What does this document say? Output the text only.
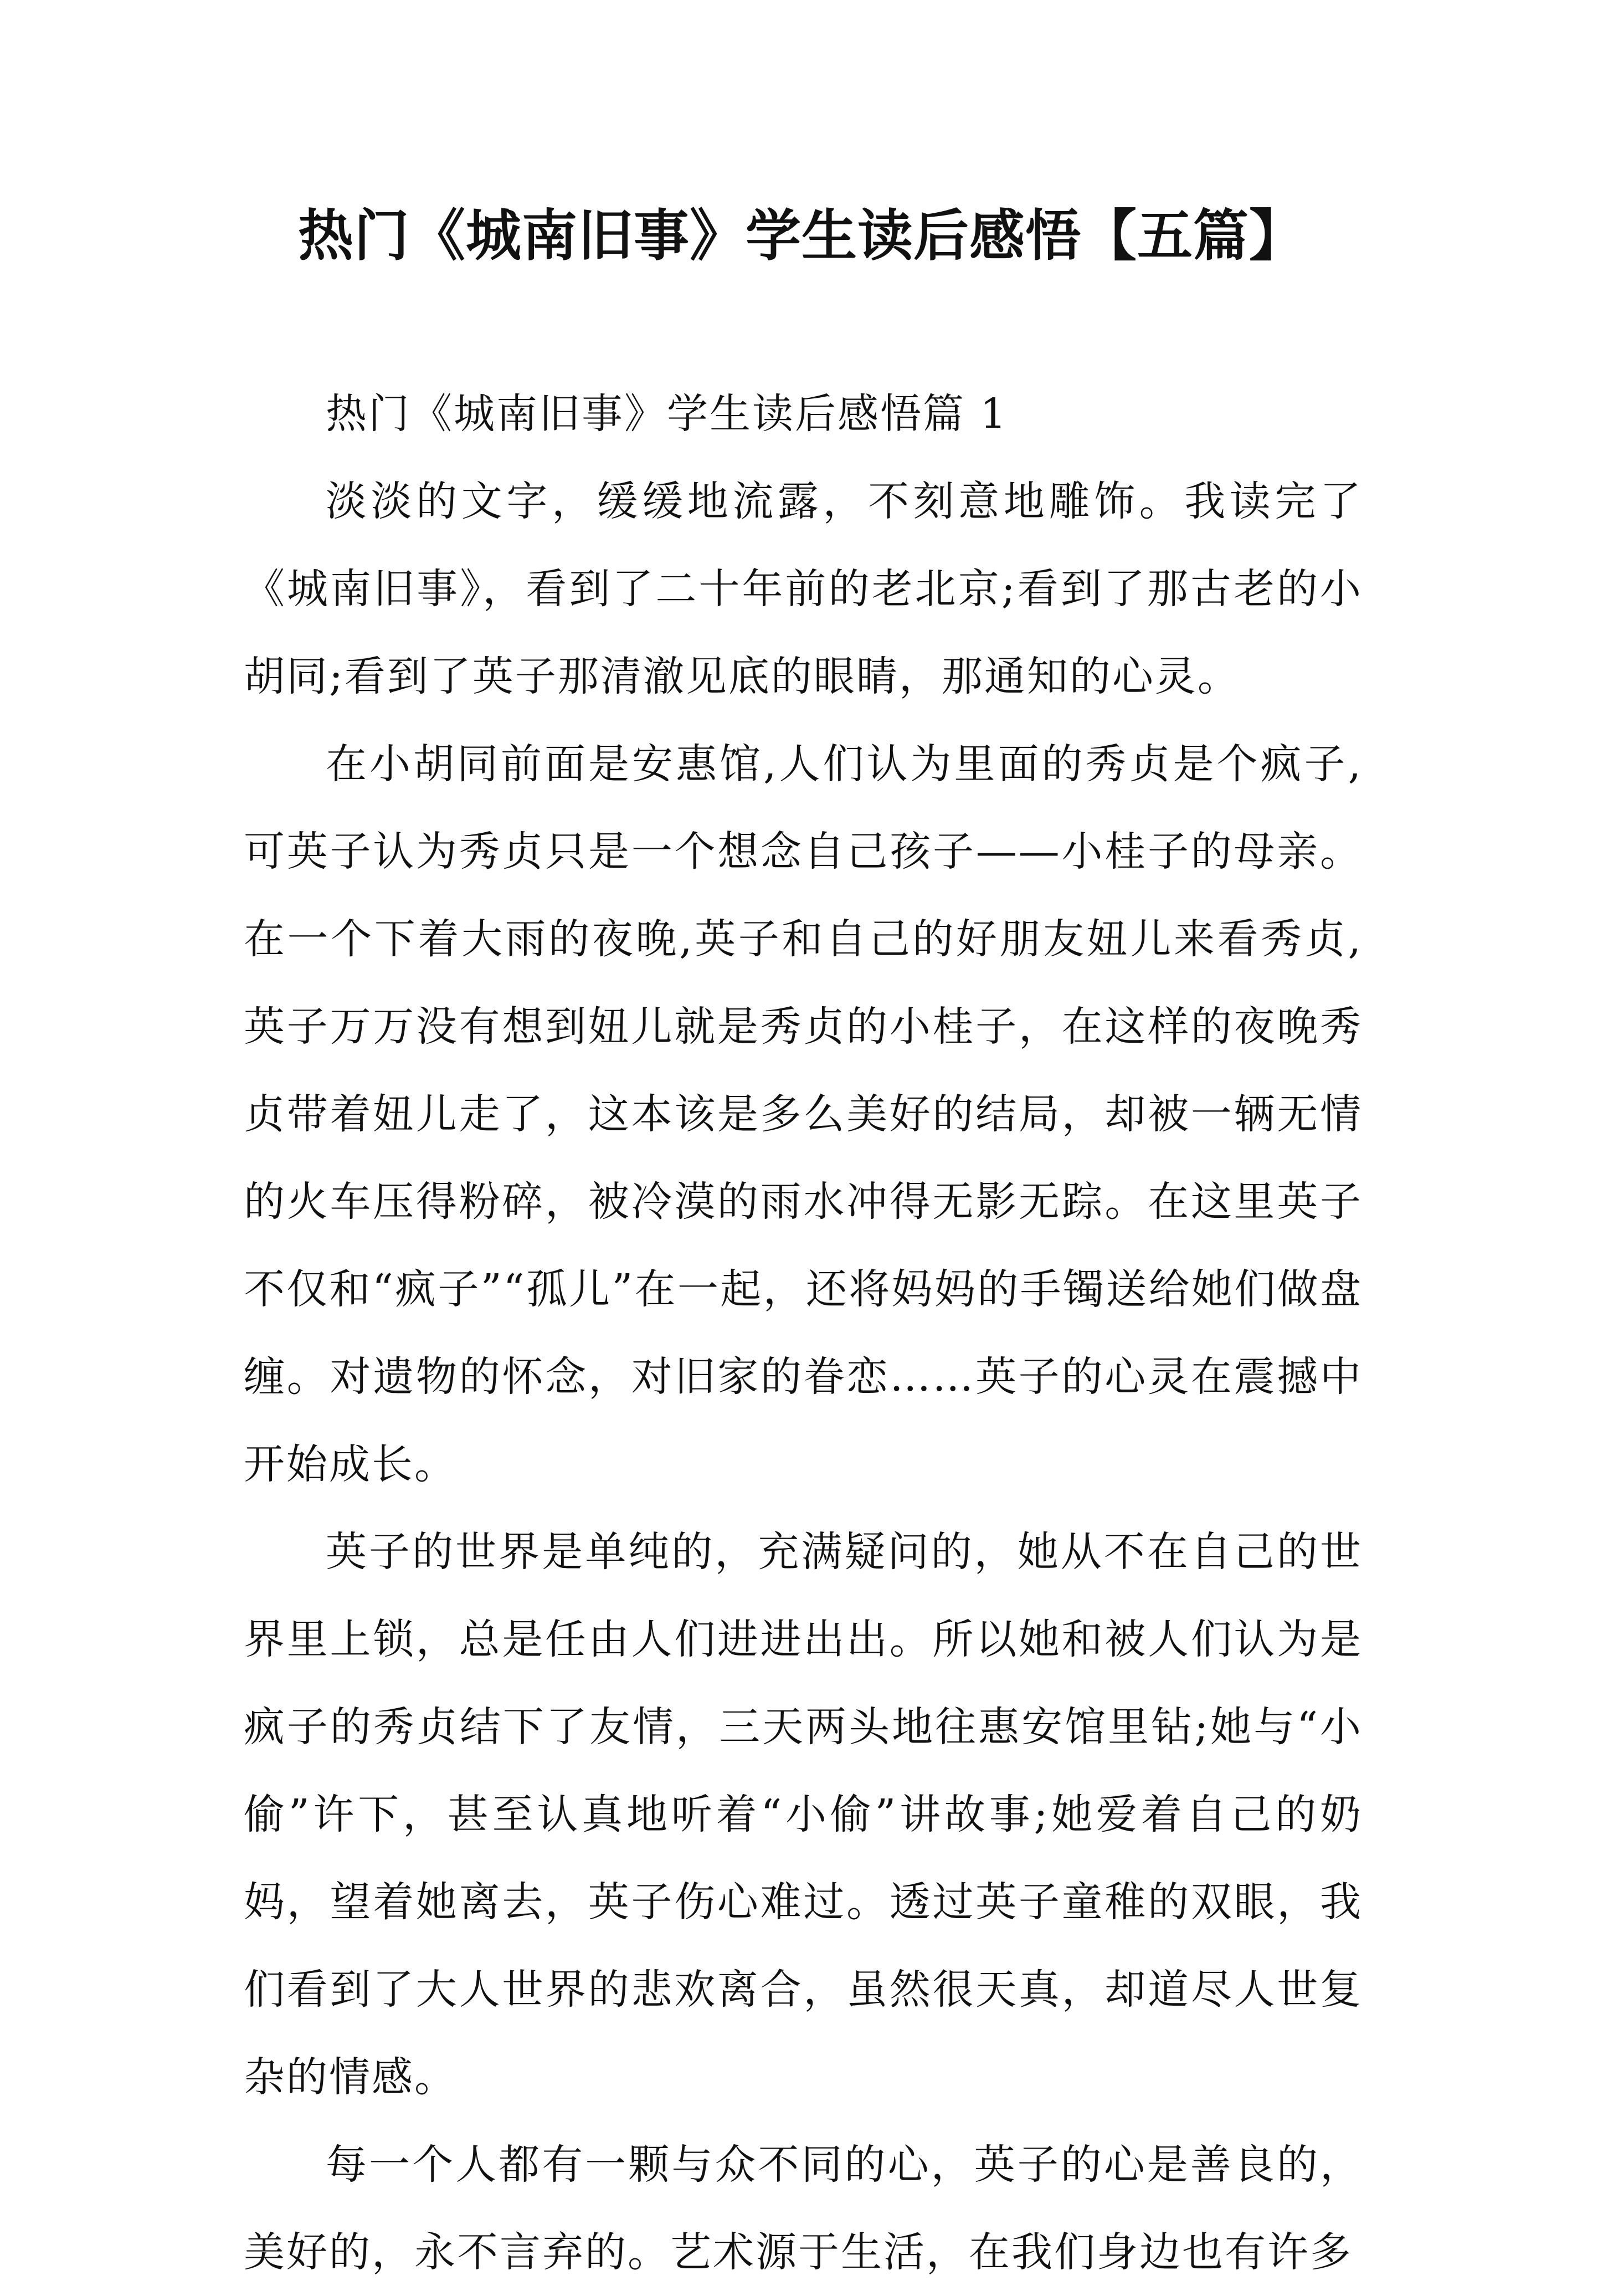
热门《城南旧事》学生读后感悟【五篇】

热门《城南旧事》学生读后感悟篇 1

淡淡的文字，缓缓地流露，不刻意地雕饰。我读完了《城南旧事》，看到了二十年前的老北京;看到了那古老的小胡同;看到了英子那清澈见底的眼睛，那通知的心灵。

在小胡同前面是安惠馆,人们认为里面的秀贞是个疯子,可英子认为秀贞只是一个想念自己孩子——小桂子的母亲。在一个下着大雨的夜晚,英子和自己的好朋友妞儿来看秀贞,英子万万没有想到妞儿就是秀贞的小桂子，在这样的夜晚秀贞带着妞儿走了，这本该是多么美好的结局，却被一辆无情的火车压得粉碎，被冷漠的雨水冲得无影无踪。在这里英子不仅和“疯子”“孤儿”在一起，还将妈妈的手镯送给她们做盘缠。对遗物的怀念，对旧家的眷恋……英子的心灵在震撼中开始成长。

英子的世界是单纯的，充满疑问的，她从不在自己的世界里上锁，总是任由人们进进出出。所以她和被人们认为是疯子的秀贞结下了友情，三天两头地往惠安馆里钻;她与“小偷”许下，甚至认真地听着“小偷”讲故事;她爱着自己的奶妈，望着她离去，英子伤心难过。透过英子童稚的双眼，我们看到了大人世界的悲欢离合，虽然很天真，却道尽人世复杂的情感。

每一个人都有一颗与众不同的心，英子的心是善良的，美好的，永不言弃的。艺术源于生活，在我们身边也有许多
